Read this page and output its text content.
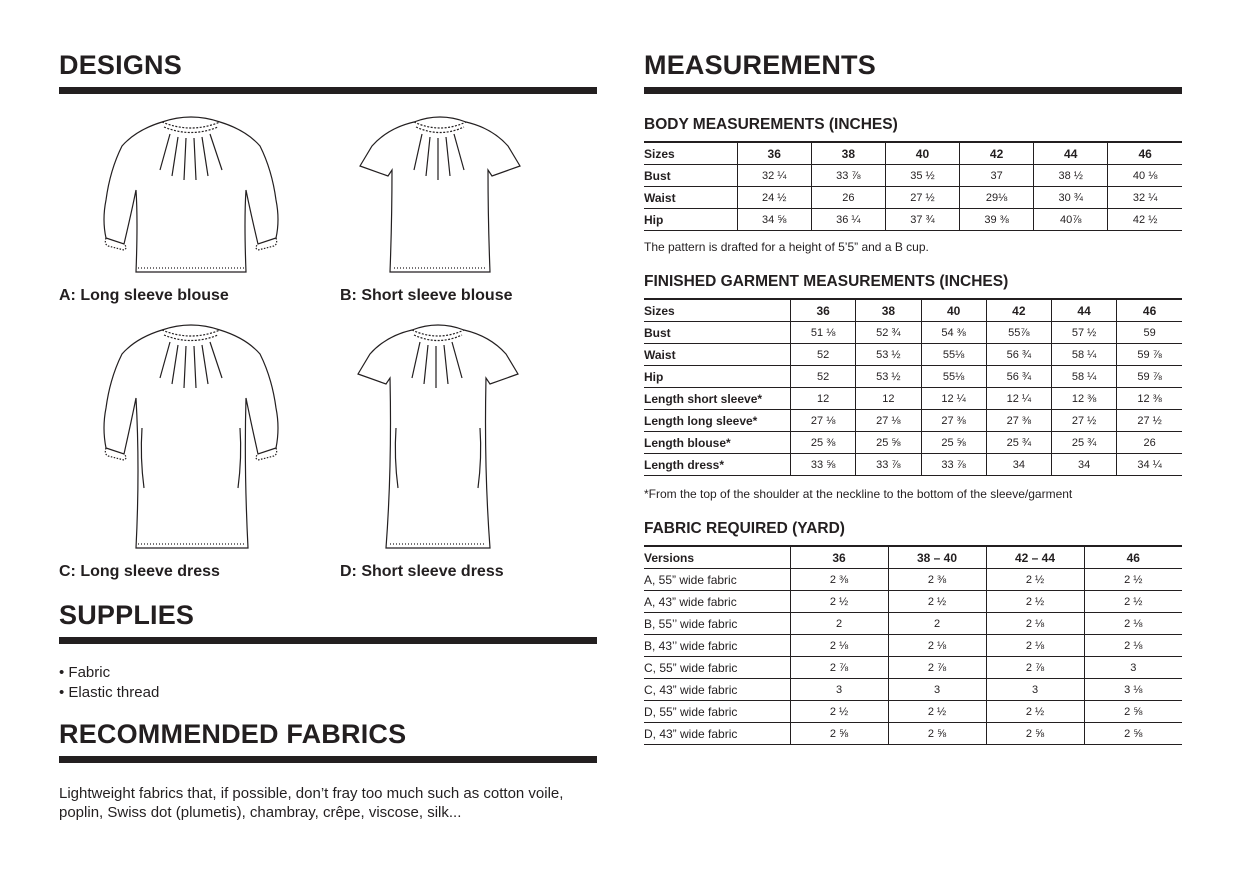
DESIGNS
A: Long sleeve blouse	B: Short sleeve blouse
C: Long sleeve dress	D: Short sleeve dress
SUPPLIES
• Fabric
• Elastic thread
RECOMMENDED FABRICS
Lightweight fabrics that, if possible, don’t fray too much such as cotton voile, poplin, Swiss dot (plumetis), chambray, crêpe, viscose, silk...
MEASUREMENTS
BODY MEASUREMENTS (INCHES)
Sizes	36	38	40	42	44	46
Bust	32 ¼	33 ⅞	35 ½	37	38 ½	40 ⅛
Waist	24 ½	26	27 ½	29⅛	30 ¾	32 ¼
Hip	34 ⅝	36 ¼	37 ¾	39 ⅜	40⅞	42 ½
The pattern is drafted for a height of 5’5” and a B cup.
FINISHED GARMENT MEASUREMENTS (INCHES)
Sizes	36	38	40	42	44	46
Bust	51 ⅛	52 ¾	54 ⅜	55⅞	57 ½	59
Waist	52	53 ½	55⅛	56 ¾	58 ¼	59 ⅞
Hip	52	53 ½	55⅛	56 ¾	58 ¼	59 ⅞
Length short sleeve*	12	12	12 ¼	12 ¼	12 ⅜	12 ⅜
Length long sleeve*	27 ⅛	27 ⅛	27 ⅜	27 ⅜	27 ½	27 ½
Length blouse*	25 ⅜	25 ⅝	25 ⅝	25 ¾	25 ¾	26
Length dress*	33 ⅝	33 ⅞	33 ⅞	34	34	34 ¼
*From the top of the shoulder at the neckline to the bottom of the sleeve/garment
FABRIC REQUIRED (YARD)
Versions	36	38 – 40	42 – 44	46
A, 55” wide fabric	2 ⅜	2 ⅜	2 ½	2 ½
A, 43” wide fabric	2 ½	2 ½	2 ½	2 ½
B, 55’’ wide fabric	2	2	2 ⅛	2 ⅛
B, 43’’ wide fabric	2 ⅛	2 ⅛	2 ⅛	2 ⅛
C, 55” wide fabric	2 ⅞	2 ⅞	2 ⅞	3
C, 43” wide fabric	3	3	3	3 ⅛
D, 55” wide fabric	2 ½	2 ½	2 ½	2 ⅝
D, 43” wide fabric	2 ⅝	2 ⅝	2 ⅝	2 ⅝
